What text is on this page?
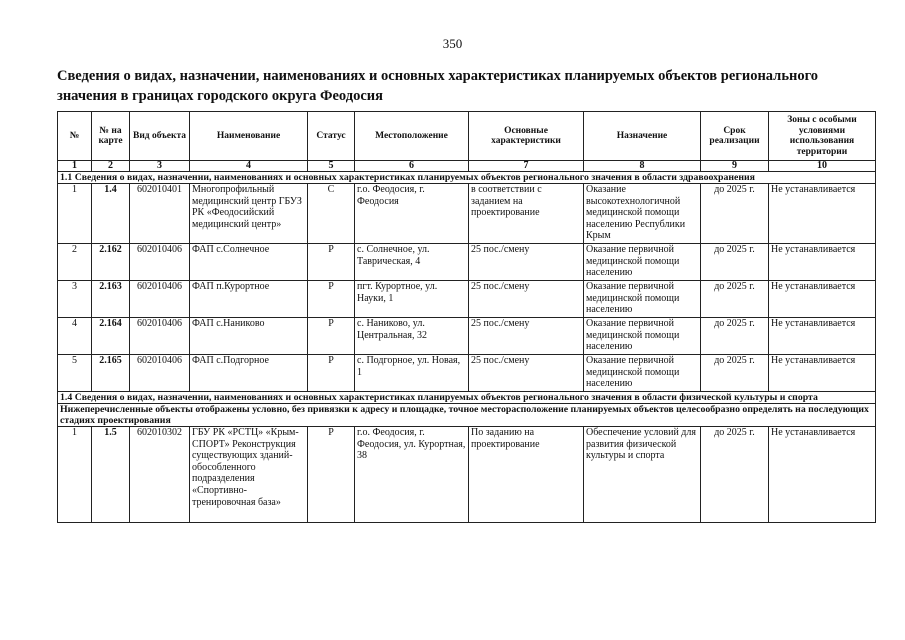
350
Сведения о видах, назначении, наименованиях и основных характеристиках планируемых объектов регионального значения в границах городского округа Феодосия
№	№ на карте	Вид объекта	Наименование	Статус	Местоположение	Основные характеристики	Назначение	Срок реализации	Зоны с особыми условиями использования территории
1	2	3	4	5	6	7	8	9	10
1.1 Сведения о видах, назначении, наименованиях и основных характеристиках планируемых объектов регионального значения в области здравоохранения									
1	1.4	602010401	Многопрофильный медицинский центр ГБУЗ РК «Феодосийский медицинский центр»	С	г.о. Феодосия, г. Феодосия	в соответствии с заданием на проектирование	Оказание высокотехнологичной медицинской помощи населению Республики Крым	до 2025 г.	Не устанавливается
2	2.162	602010406	ФАП с.Солнечное	Р	с. Солнечное, ул. Таврическая, 4	25 пос./смену	Оказание первичной медицинской помощи населению	до 2025 г.	Не устанавливается
3	2.163	602010406	ФАП п.Курортное	Р	пгт. Курортное, ул. Науки, 1	25 пос./смену	Оказание первичной медицинской помощи населению	до 2025 г.	Не устанавливается
4	2.164	602010406	ФАП с.Наниково	Р	с. Наниково, ул. Центральная, 32	25 пос./смену	Оказание первичной медицинской помощи населению	до 2025 г.	Не устанавливается
5	2.165	602010406	ФАП с.Подгорное	Р	с. Подгорное, ул. Новая, 1	25 пос./смену	Оказание первичной медицинской помощи населению	до 2025 г.	Не устанавливается
1.4 Сведения о видах, назначении, наименованиях и основных характеристиках планируемых объектов регионального значения в области физической культуры и спорта									
Нижеперечисленные объекты отображены условно, без привязки к адресу и площадке, точное месторасположение планируемых объектов целесообразно определять на последующих стадиях проектирования									
1	1.5	602010302	ГБУ РК «РСТЦ» «Крым-СПОРТ» Реконструкция существующих зданий-обособленного подразделения «Спортивно-тренировочная база»	Р	г.о. Феодосия, г. Феодосия, ул. Курортная, 38	По заданию на проектирование	Обеспечение условий для развития физической культуры и спорта	до 2025 г.	Не устанавливается
